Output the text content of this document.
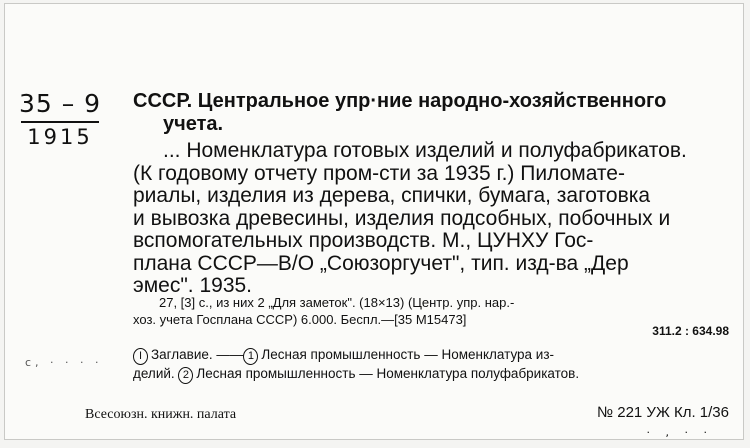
35 – 9
1915
СССР. Центральное упр·ние народно-хозяйственного
учета.
... Номенклатура готовых изделий и полуфабрикатов.
(К годовому отчету пром-сти за 1935 г.) Пиломате-
риалы, изделия из дерева, спички, бумага, заготовка
и вывозка древесины, изделия подсобных, побочных и
вспомогательных производств. М., ЦУНХУ Гос-
плана СССР—В/О „Союзоргучет", тип. изд-ва „Дер
эмес". 1935.
27, [3] с., из них 2 „Для заметок". (18×13) (Центр. упр. нар.-
хоз. учета Госплана СССР) 6.000. Беспл.—[35 М15473]
311.2 : 634.98
с, · · · ·	I Заглавие. —— 1 Лесная промышленность — Номенклатура из-
делий. 2 Лесная промышленность — Номенклатура полуфабрикатов.
Всесоюзн. книжн. палата	№ 221 УЖ Кл. 1/36
· , · ·
